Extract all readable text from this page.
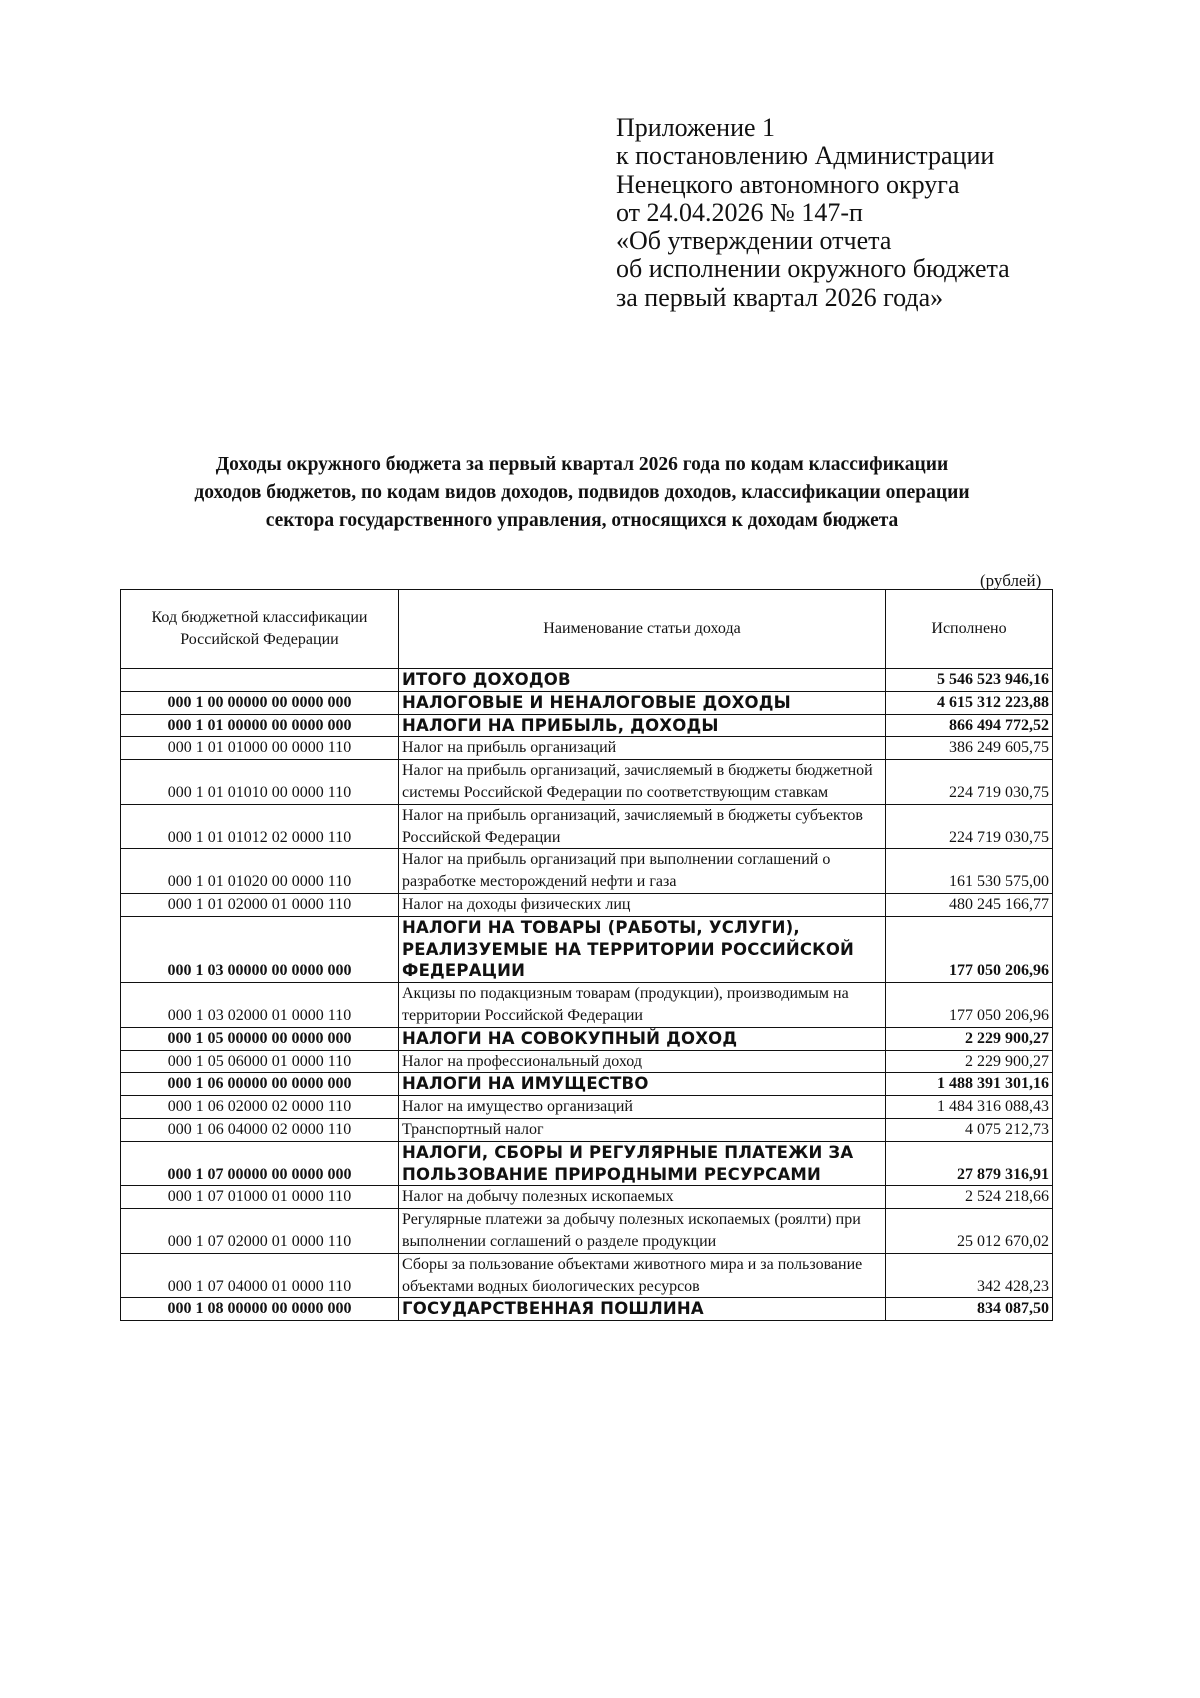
Приложение 1
к постановлению Администрации
Ненецкого автономного округа
от 24.04.2026 № 147-п
«Об утверждении отчета
об исполнении окружного бюджета
за первый квартал 2026 года»
Доходы окружного бюджета за первый квартал 2026 года по кодам классификации
доходов бюджетов, по кодам видов доходов, подвидов доходов, классификации операции
сектора государственного управления, относящихся к доходам бюджета
(рублей)
Код бюджетной классификации Российской Федерации	Наименование статьи дохода	Исполнено
	ИТОГО ДОХОДОВ	5 546 523 946,16
000 1 00 00000 00 0000 000	НАЛОГОВЫЕ И НЕНАЛОГОВЫЕ ДОХОДЫ	4 615 312 223,88
000 1 01 00000 00 0000 000	НАЛОГИ НА ПРИБЫЛЬ, ДОХОДЫ	866 494 772,52
000 1 01 01000 00 0000 110	Налог на прибыль организаций	386 249 605,75
000 1 01 01010 00 0000 110	Налог на прибыль организаций, зачисляемый в бюджеты бюджетной системы Российской Федерации по соответствующим ставкам	224 719 030,75
000 1 01 01012 02 0000 110	Налог на прибыль организаций, зачисляемый в бюджеты субъектов Российской Федерации	224 719 030,75
000 1 01 01020 00 0000 110	Налог на прибыль организаций при выполнении соглашений о разработке месторождений нефти и газа	161 530 575,00
000 1 01 02000 01 0000 110	Налог на доходы физических лиц	480 245 166,77
000 1 03 00000 00 0000 000	НАЛОГИ НА ТОВАРЫ (РАБОТЫ, УСЛУГИ), РЕАЛИЗУЕМЫЕ НА ТЕРРИТОРИИ РОССИЙСКОЙ ФЕДЕРАЦИИ	177 050 206,96
000 1 03 02000 01 0000 110	Акцизы по подакцизным товарам (продукции), производимым на территории Российской Федерации	177 050 206,96
000 1 05 00000 00 0000 000	НАЛОГИ НА СОВОКУПНЫЙ ДОХОД	2 229 900,27
000 1 05 06000 01 0000 110	Налог на профессиональный доход	2 229 900,27
000 1 06 00000 00 0000 000	НАЛОГИ НА ИМУЩЕСТВО	1 488 391 301,16
000 1 06 02000 02 0000 110	Налог на имущество организаций	1 484 316 088,43
000 1 06 04000 02 0000 110	Транспортный налог	4 075 212,73
000 1 07 00000 00 0000 000	НАЛОГИ, СБОРЫ И РЕГУЛЯРНЫЕ ПЛАТЕЖИ ЗА ПОЛЬЗОВАНИЕ ПРИРОДНЫМИ РЕСУРСАМИ	27 879 316,91
000 1 07 01000 01 0000 110	Налог на добычу полезных ископаемых	2 524 218,66
000 1 07 02000 01 0000 110	Регулярные платежи за добычу полезных ископаемых (роялти) при выполнении соглашений о разделе продукции	25 012 670,02
000 1 07 04000 01 0000 110	Сборы за пользование объектами животного мира и за пользование объектами водных биологических ресурсов	342 428,23
000 1 08 00000 00 0000 000	ГОСУДАРСТВЕННАЯ ПОШЛИНА	834 087,50
